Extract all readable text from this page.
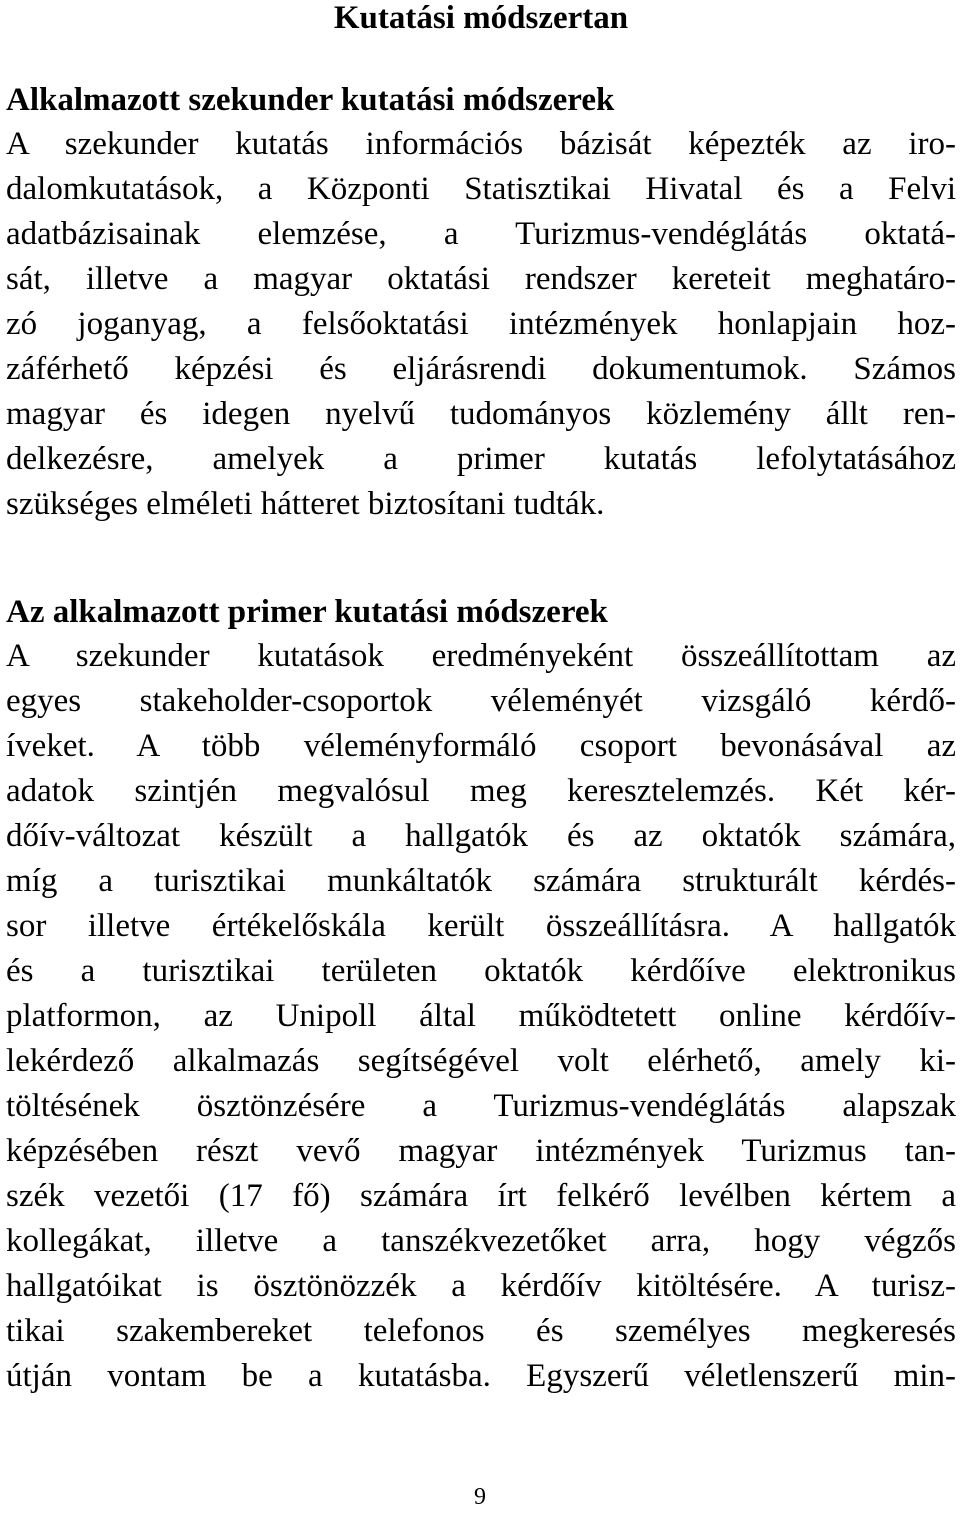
Kutatási módszertan
Alkalmazott szekunder kutatási módszerek
A szekunder kutatás információs bázisát képezték az iro-
dalomkutatások, a Központi Statisztikai Hivatal és a Felvi
adatbázisainak elemzése, a Turizmus-vendéglátás oktatá-
sát, illetve a magyar oktatási rendszer kereteit meghatáro-
zó joganyag, a felsőoktatási intézmények honlapjain hoz-
záférhető képzési és eljárásrendi dokumentumok. Számos
magyar és idegen nyelvű tudományos közlemény állt ren-
delkezésre, amelyek a primer kutatás lefolytatásához
szükséges elméleti hátteret biztosítani tudták.
Az alkalmazott primer kutatási módszerek
A szekunder kutatások eredményeként összeállítottam az
egyes stakeholder-csoportok véleményét vizsgáló kérdő-
íveket. A több véleményformáló csoport bevonásával az
adatok szintjén megvalósul meg keresztelemzés. Két kér-
dőív-változat készült a hallgatók és az oktatók számára,
míg a turisztikai munkáltatók számára strukturált kérdés-
sor illetve értékelőskála került összeállításra. A hallgatók
és a turisztikai területen oktatók kérdőíve elektronikus
platformon, az Unipoll által működtetett online kérdőív-
lekérdező alkalmazás segítségével volt elérhető, amely ki-
töltésének ösztönzésére a Turizmus-vendéglátás alapszak
képzésében részt vevő magyar intézmények Turizmus tan-
szék vezetői (17 fő) számára írt felkérő levélben kértem a
kollegákat, illetve a tanszékvezetőket arra, hogy végzős
hallgatóikat is ösztönözzék a kérdőív kitöltésére. A turisz-
tikai szakembereket telefonos és személyes megkeresés
útján vontam be a kutatásba. Egyszerű véletlenszerű min-
9
